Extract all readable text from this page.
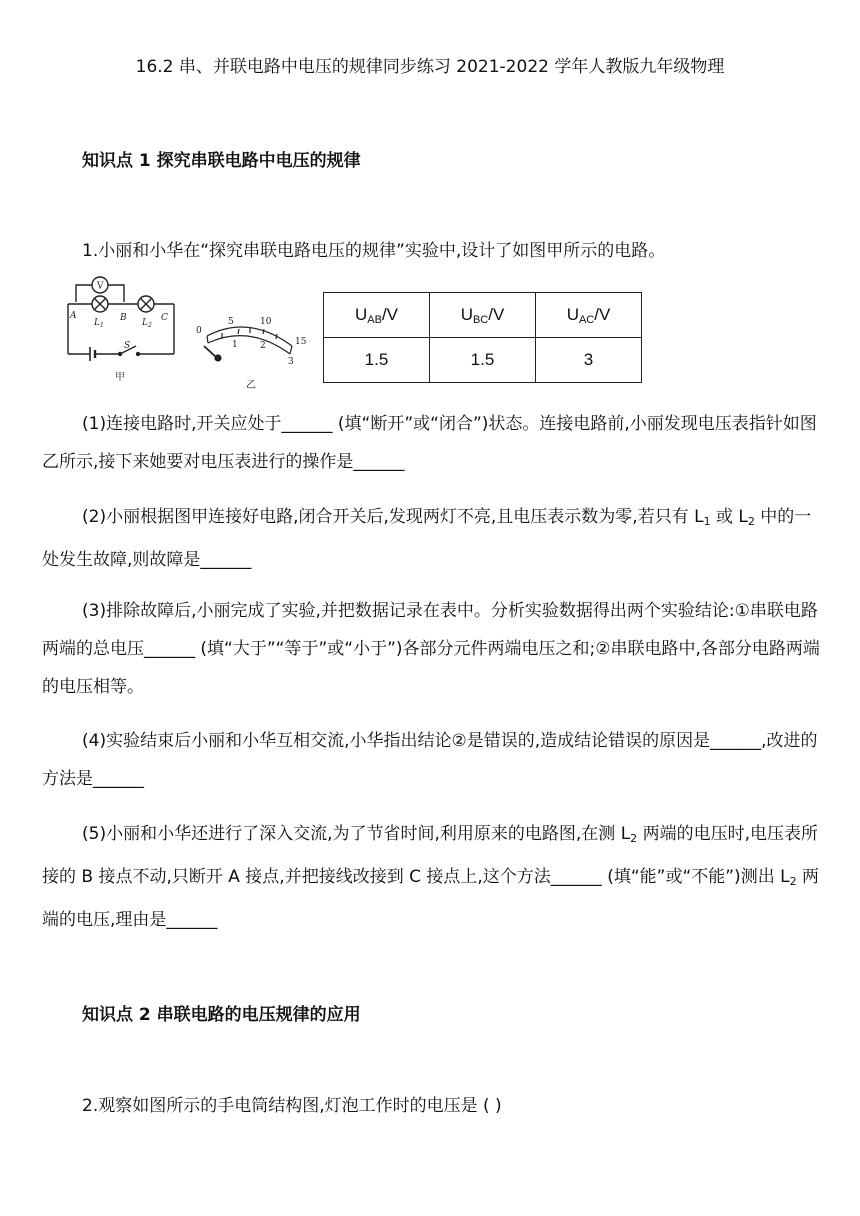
16.2 串、并联电路中电压的规律同步练习 2021-2022 学年人教版九年级物理
知识点 1 探究串联电路中电压的规律
1.小丽和小华在“探究串联电路电压的规律”实验中,设计了如图甲所示的电路。
V
A	B	C
L 1	L 2
S
甲
0
5	10
15
1 2
3
乙
$U_{AB}/V$	$U_{BC}/V$	$U_{AC}/V$
1.5	1.5	3
(1)连接电路时,开关应处于______ (填“断开”或“闭合”)状态。连接电路前,小丽发现电压表指针如图乙所示,接下来她要对电压表进行的操作是______
(2)小丽根据图甲连接好电路,闭合开关后,发现两灯不亮,且电压表示数为零,若只有 $L_1$ 或 $L_2$ 中的一处发生故障,则故障是______
(3)排除故障后,小丽完成了实验,并把数据记录在表中。分析实验数据得出两个实验结论:①串联电路两端的总电压______ (填“大于”“等于”或“小于”)各部分元件两端电压之和;②串联电路中,各部分电路两端的电压相等。
(4)实验结束后小丽和小华互相交流,小华指出结论②是错误的,造成结论错误的原因是______,改进的方法是______
(5)小丽和小华还进行了深入交流,为了节省时间,利用原来的电路图,在测 $L_2$ 两端的电压时,电压表所接的 B 接点不动,只断开 A 接点,并把接线改接到 C 接点上,这个方法______ (填“能”或“不能”)测出 $L_2$ 两端的电压,理由是______
知识点 2 串联电路的电压规律的应用
2.观察如图所示的手电筒结构图,灯泡工作时的电压是 ( )
